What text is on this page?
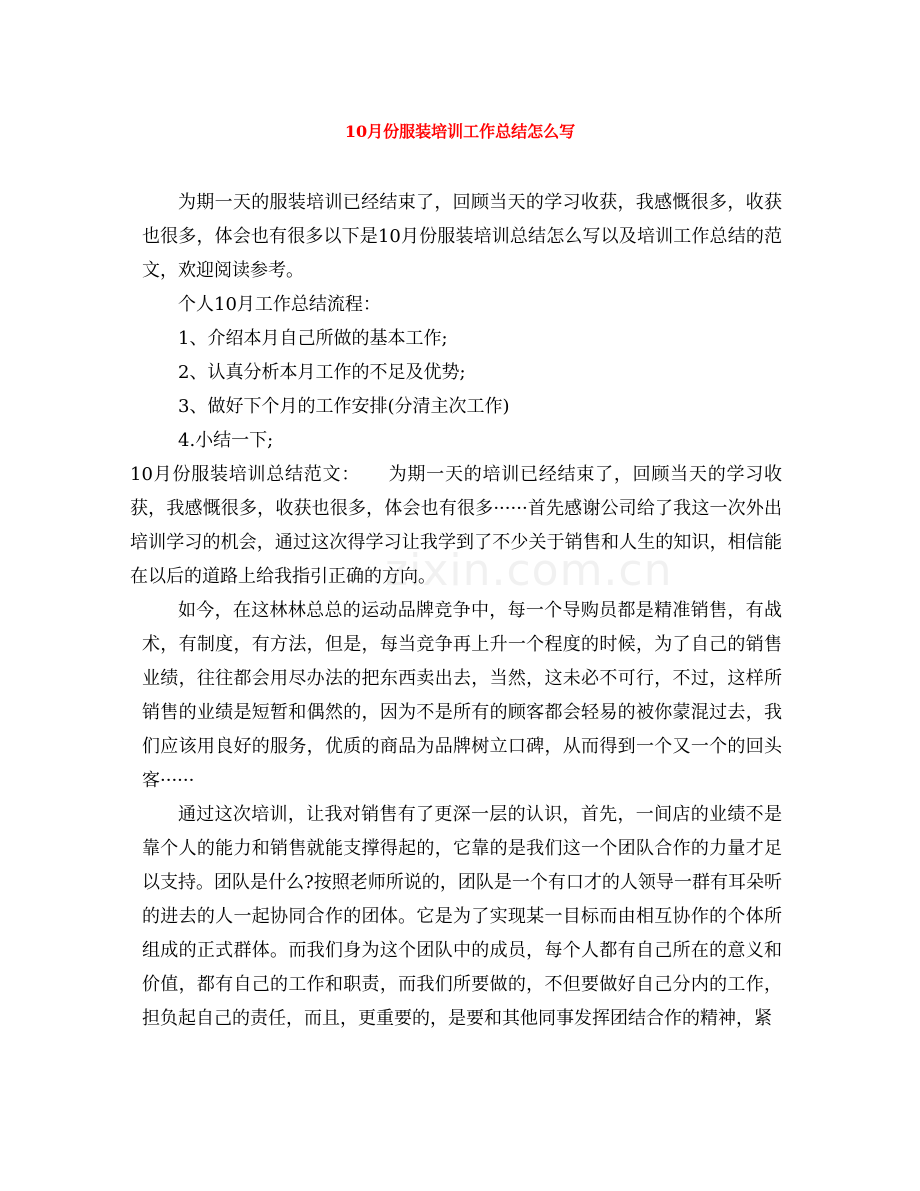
10月份服装培训工作总结怎么写

为期一天的服装培训已经结束了，回顾当天的学习收获，我感慨很多，收获也很多，体会也有很多以下是10月份服装培训总结怎么写以及培训工作总结的范文，欢迎阅读参考。

个人10月工作总结流程：

1、介绍本月自己所做的基本工作;

2、认真分析本月工作的不足及优势;

3、做好下个月的工作安排(分清主次工作)

4.小结一下;

10月份服装培训总结范文：　　为期一天的培训已经结束了，回顾当天的学习收获，我感慨很多，收获也很多，体会也有很多······首先感谢公司给了我这一次外出培训学习的机会，通过这次得学习让我学到了不少关于销售和人生的知识，相信能在以后的道路上给我指引正确的方向。

如今，在这林林总总的运动品牌竞争中，每一个导购员都是精准销售，有战术，有制度，有方法，但是，每当竞争再上升一个程度的时候，为了自己的销售业绩，往往都会用尽办法的把东西卖出去，当然，这未必不可行，不过，这样所销售的业绩是短暂和偶然的，因为不是所有的顾客都会轻易的被你蒙混过去，我们应该用良好的服务，优质的商品为品牌树立口碑，从而得到一个又一个的回头客······

通过这次培训，让我对销售有了更深一层的认识，首先，一间店的业绩不是靠个人的能力和销售就能支撑得起的，它靠的是我们这一个团队合作的力量才足以支持。团队是什么?按照老师所说的，团队是一个有口才的人领导一群有耳朵听的进去的人一起协同合作的团体。它是为了实现某一目标而由相互协作的个体所组成的正式群体。而我们身为这个团队中的成员，每个人都有自己所在的意义和价值，都有自己的工作和职责，而我们所要做的，不但要做好自己分内的工作，担负起自己的责任，而且，更重要的，是要和其他同事发挥团结合作的精神，紧

zixin.com.cn
